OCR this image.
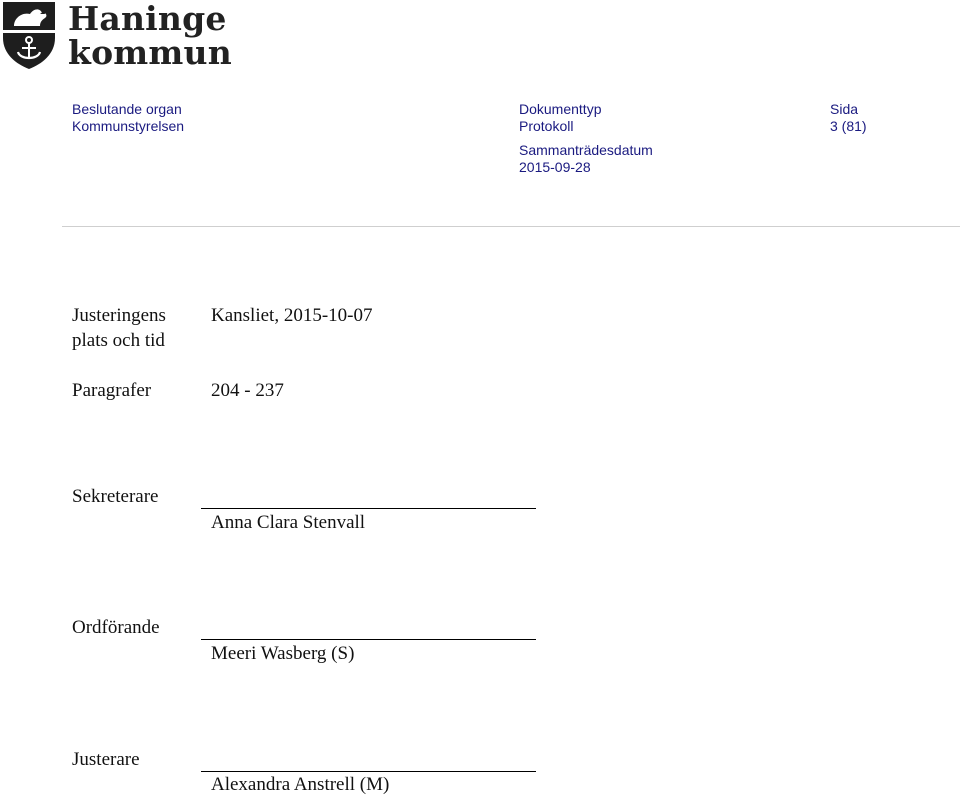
Haninge
kommun
Beslutande organ
Kommunstyrelsen
Dokumenttyp
Protokoll
Sida
3 (81)
Sammanträdesdatum
2015-09-28
Justeringens
plats och tid
Kansliet, 2015-10-07
Paragrafer	204 - 237
Sekreterare
Anna Clara Stenvall
Ordförande
Meeri Wasberg (S)
Justerare
Alexandra Anstrell (M)
